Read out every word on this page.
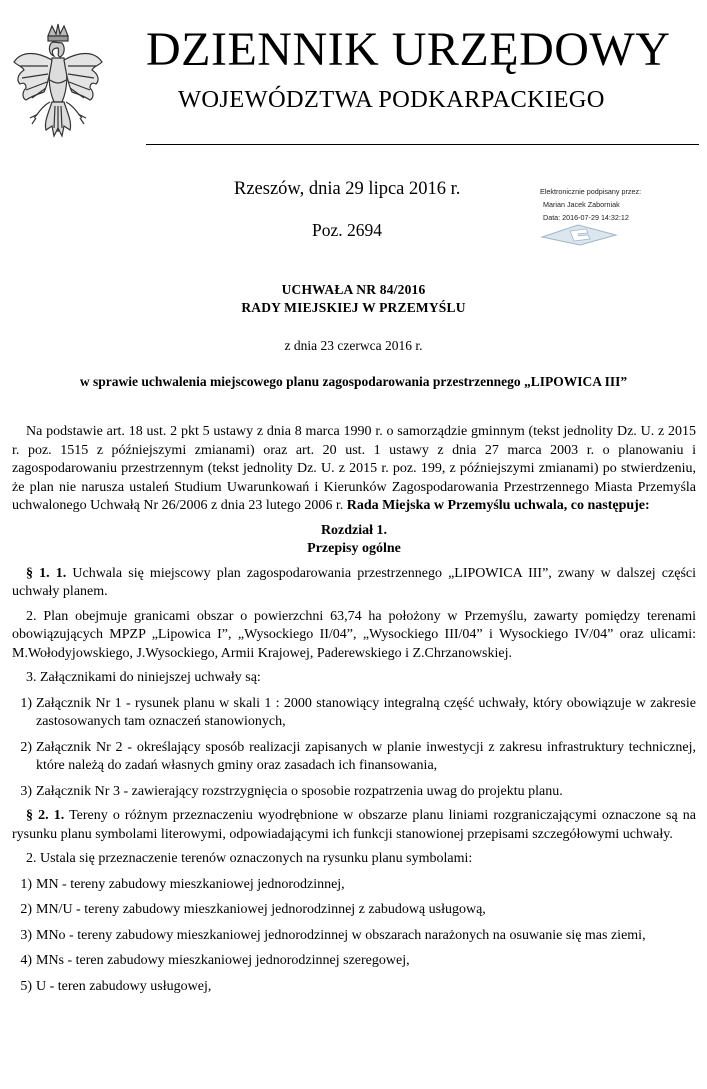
DZIENNIK URZĘDOWY
WOJEWÓDZTWA PODKARPACKIEGO
Rzeszów, dnia 29 lipca 2016 r.
Poz. 2694
Elektronicznie podpisany przez:
Marian Jacek Zaborniak
Data: 2016-07-29 14:32:12
UCHWAŁA NR 84/2016
RADY MIEJSKIEJ W PRZEMYŚLU
z dnia 23 czerwca 2016 r.
w sprawie uchwalenia miejscowego planu zagospodarowania przestrzennego „LIPOWICA III”

Na podstawie art. 18 ust. 2 pkt 5 ustawy z dnia 8 marca 1990 r. o samorządzie gminnym (tekst jednolity Dz. U. z 2015 r. poz. 1515 z późniejszymi zmianami) oraz art. 20 ust. 1 ustawy z dnia 27 marca 2003 r. o planowaniu i zagospodarowaniu przestrzennym (tekst jednolity Dz. U. z 2015 r. poz. 199, z późniejszymi zmianami) po stwierdzeniu, że plan nie narusza ustaleń Studium Uwarunkowań i Kierunków Zagospodarowania Przestrzennego Miasta Przemyśla uchwalonego Uchwałą Nr 26/2006 z dnia 23 lutego 2006 r. Rada Miejska w Przemyślu uchwala, co następuje:

Rozdział 1.

Przepisy ogólne

§ 1. 1. Uchwala się miejscowy plan zagospodarowania przestrzennego „LIPOWICA III”, zwany w dalszej części uchwały planem.

2. Plan obejmuje granicami obszar o powierzchni 63,74 ha położony w Przemyślu, zawarty pomiędzy terenami obowiązujących MPZP „Lipowica I”, „Wysockiego II/04”, „Wysockiego III/04” i Wysockiego IV/04” oraz ulicami: M.Wołodyjowskiego, J.Wysockiego, Armii Krajowej, Paderewskiego i Z.Chrzanowskiej.

3. Załącznikami do niniejszej uchwały są:

1) Załącznik Nr 1 - rysunek planu w skali 1 : 2000 stanowiący integralną część uchwały, który obowiązuje w zakresie zastosowanych tam oznaczeń stanowionych,
2) Załącznik Nr 2 - określający sposób realizacji zapisanych w planie inwestycji z zakresu infrastruktury technicznej, które należą do zadań własnych gminy oraz zasadach ich finansowania,
3) Załącznik Nr 3 - zawierający rozstrzygnięcia o sposobie rozpatrzenia uwag do projektu planu.

§ 2. 1. Tereny o różnym przeznaczeniu wyodrębnione w obszarze planu liniami rozgraniczającymi oznaczone są na rysunku planu symbolami literowymi, odpowiadającymi ich funkcji stanowionej przepisami szczegółowymi uchwały.

2. Ustala się przeznaczenie terenów oznaczonych na rysunku planu symbolami:

1) MN - tereny zabudowy mieszkaniowej jednorodzinnej,
2) MN/U - tereny zabudowy mieszkaniowej jednorodzinnej z zabudową usługową,
3) MNo - tereny zabudowy mieszkaniowej jednorodzinnej w obszarach narażonych na osuwanie się mas ziemi,
4) MNs - teren zabudowy mieszkaniowej jednorodzinnej szeregowej,
5) U - teren zabudowy usługowej,
